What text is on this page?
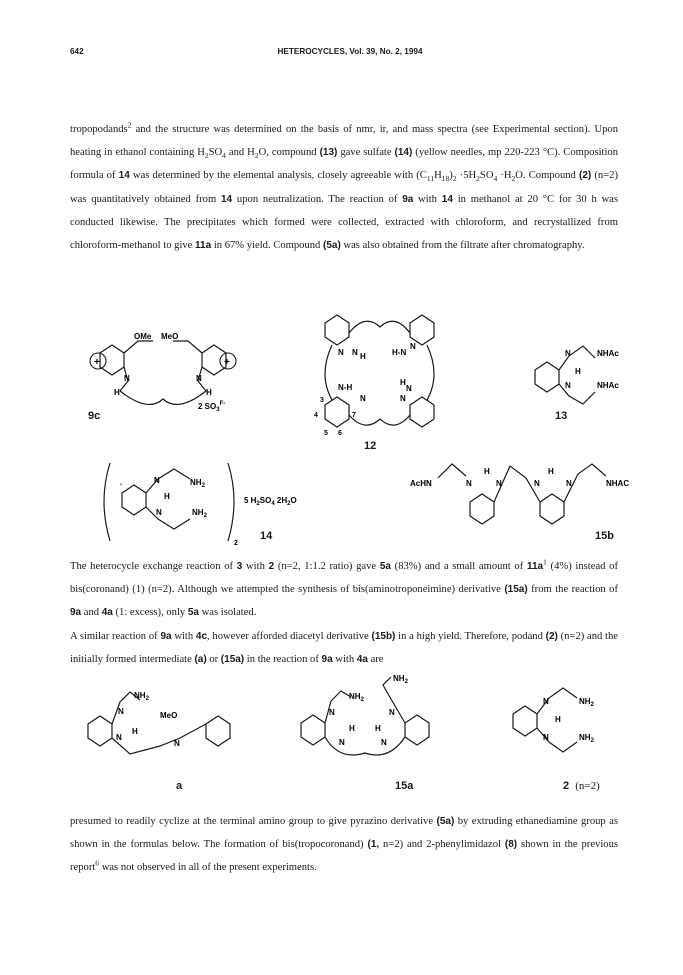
642	HETEROCYCLES, Vol. 39, No. 2, 1994
tropopodands$^2$ and the structure was determined on the basis of nmr, ir, and mass spectra (see Experimental section). Upon heating in ethanol containing $H_2SO_4$ and $H_2O$, compound (13) gave sulfate (14) (yellow needles, mp 220-223 °C). Composition formula of 14 was determined by the elemental analysis, closely agreeable with $(C_{11}H_{18})_2 \cdot 5H_2SO_4 \cdot H_2O$. Compound (2) (n=2) was quantitatively obtained from 14 upon neutralization. The reaction of 9a with 14 in methanol at 20 °C for 30 h was conducted likewise. The precipitates which formed were collected, extracted with chloroform, and recrystallized from chloroform-methanol to give 11a in 67% yield. Compound (5a) was also obtained from the filtrate after chromatography.
+	+
OMe MeO
N	N
H	H
2 $SO_3^F-$
9c
N N H	H-N
N
N-H
H
N
N	N
3
4
5 6
7
12
N
H
N
NHAc
NHAc
13
.	N
H
N
$NH_2$
$NH_2$
2
5 $H_2SO_4$ $2H_2O$
14
AcHN	N
H
N	N
H
N	NHAC
15b
The heterocycle exchange reaction of 3 with 2 (n=2, 1:1.2 ratio) gave 5a (83%) and a small amount of $11a^1$ (4%) instead of bis(coronand) (1) (n=2). Although we attempted the synthesis of bis(aminotroponeimine) derivative (15a) from the reaction of 9a and 4a (1: excess), only 5a was isolated.
A similar reaction of 9a with 4c, however afforded diacetyl derivative (15b) in a high yield. Therefore, podand (2) (n=2) and the initially formed intermediate (a) or (15a) in the reaction of 9a with 4a are
$NH_2$
N	MeO
H
N
N
a
$NH_2$
$NH_2$
N	N
H	H
N	N
15a
N
H
N
$NH_2$
$NH_2$
2 (n=2)
presumed to readily cyclize at the terminal amino group to give pyrazino derivative (5a) by extruding ethanediamine group as shown in the formulas below. The formation of bis(tropocoronand) (1, n=2) and 2-phenylimidazol (8) shown in the previous report$^6$ was not observed in all of the present experiments.
